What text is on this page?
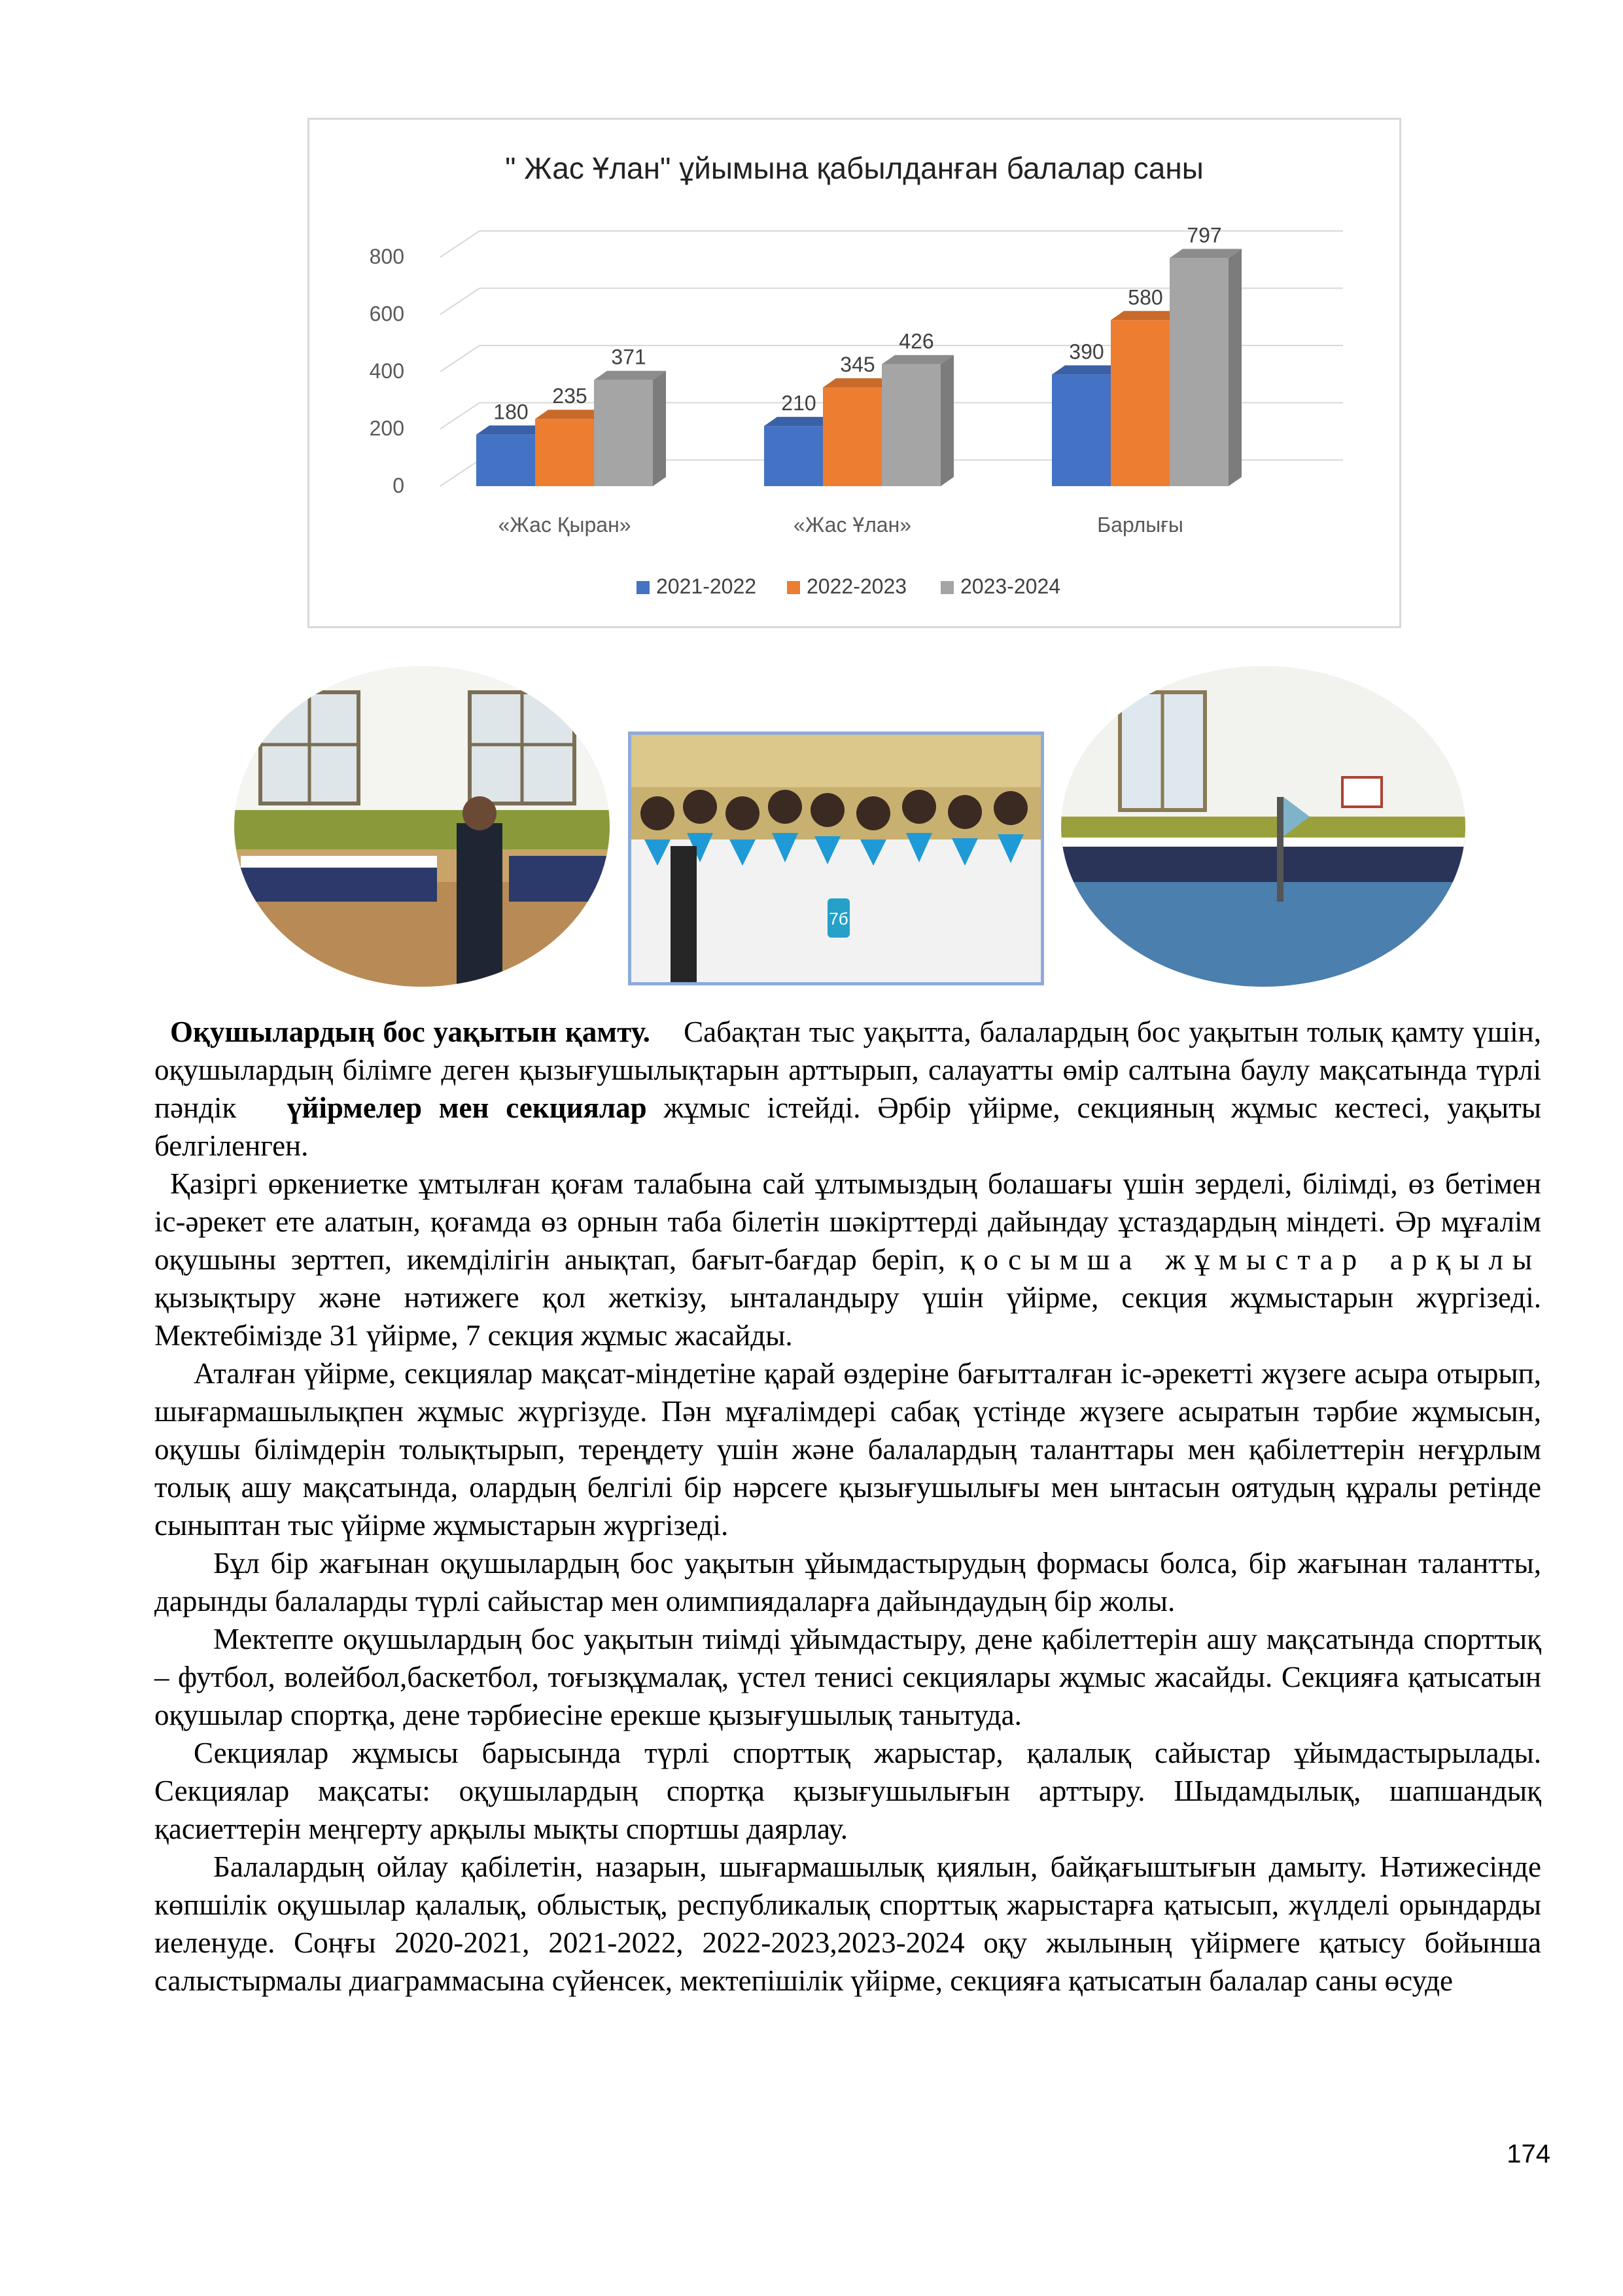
" Жас Ұлан" ұйымына қабылданған балалар саны
0
200
400
600
800
180
235
371
«Жас Қыран»
210
345
426
«Жас Ұлан»
390
580
797
Барлығы
2021-2022 2022-2023	2023-2024
7б

Оқушылардың бос уақытын қамту. Сабақтан тыс уақытта, балалардың бос уақытын толық қамту үшін, оқушылардың білімге деген қызығушылықтарын арттырып, салауатты өмір салтына баулу мақсатында түрлі пәндік үйірмелер мен секциялар жұмыс істейді. Әрбір үйірме, секцияның жұмыс кестесі, уақыты белгіленген.

Қазіргі өркениетке ұмтылған қоғам талабына сай ұлтымыздың болашағы үшін зерделі, білімді, өз бетімен іс-әрекет ете алатын, қоғамда өз орнын таба білетін шәкірттерді дайындау ұстаздардың міндеті. Әр мұғалім оқушыны зерттеп, икемділігін анықтап, бағыт-бағдар беріп, қосымша жұмыстар арқылы қызықтыру және нәтижеге қол жеткізу, ынталандыру үшін үйірме, секция жұмыстарын жүргізеді. Мектебімізде 31 үйірме, 7 секция жұмыс жасайды.

Аталған үйірме, секциялар мақсат-міндетіне қарай өздеріне бағытталған іс-әрекетті жүзеге асыра отырып, шығармашылықпен жұмыс жүргізуде. Пән мұғалімдері сабақ үстінде жүзеге асыратын тәрбие жұмысын, оқушы білімдерін толықтырып, тереңдету үшін және балалардың таланттары мен қабілеттерін неғұрлым толық ашу мақсатында, олардың белгілі бір нәрсеге қызығушылығы мен ынтасын оятудың құралы ретінде сыныптан тыс үйірме жұмыстарын жүргізеді.

Бұл бір жағынан оқушылардың бос уақытын ұйымдастырудың формасы болса, бір жағынан талантты, дарынды балаларды түрлі сайыстар мен олимпиядаларға дайындаудың бір жолы.

Мектепте оқушылардың бос уақытын тиімді ұйымдастыру, дене қабілеттерін ашу мақсатында спорттық – футбол, волейбол,баскетбол, тоғызқұмалақ, үстел тенисі секциялары жұмыс жасайды. Секцияға қатысатын оқушылар спортқа, дене тәрбиесіне ерекше қызығушылық танытуда.

Секциялар жұмысы барысында түрлі спорттық жарыстар, қалалық сайыстар ұйымдастырылады. Секциялар мақсаты: оқушылардың спортқа қызығушылығын арттыру. Шыдамдылық, шапшандық қасиеттерін меңгерту арқылы мықты спортшы даярлау.

Балалардың ойлау қабілетін, назарын, шығармашылық қиялын, байқағыштығын дамыту. Нәтижесінде көпшілік оқушылар қалалық, облыстық, республикалық спорттық жарыстарға қатысып, жүлделі орындарды иеленуде. Соңғы 2020-2021, 2021-2022, 2022-2023,2023-2024 оқу жылының үйірмеге қатысу бойынша салыстырмалы диаграммасына сүйенсек, мектепішілік үйірме, секцияға қатысатын балалар саны өсуде

174
